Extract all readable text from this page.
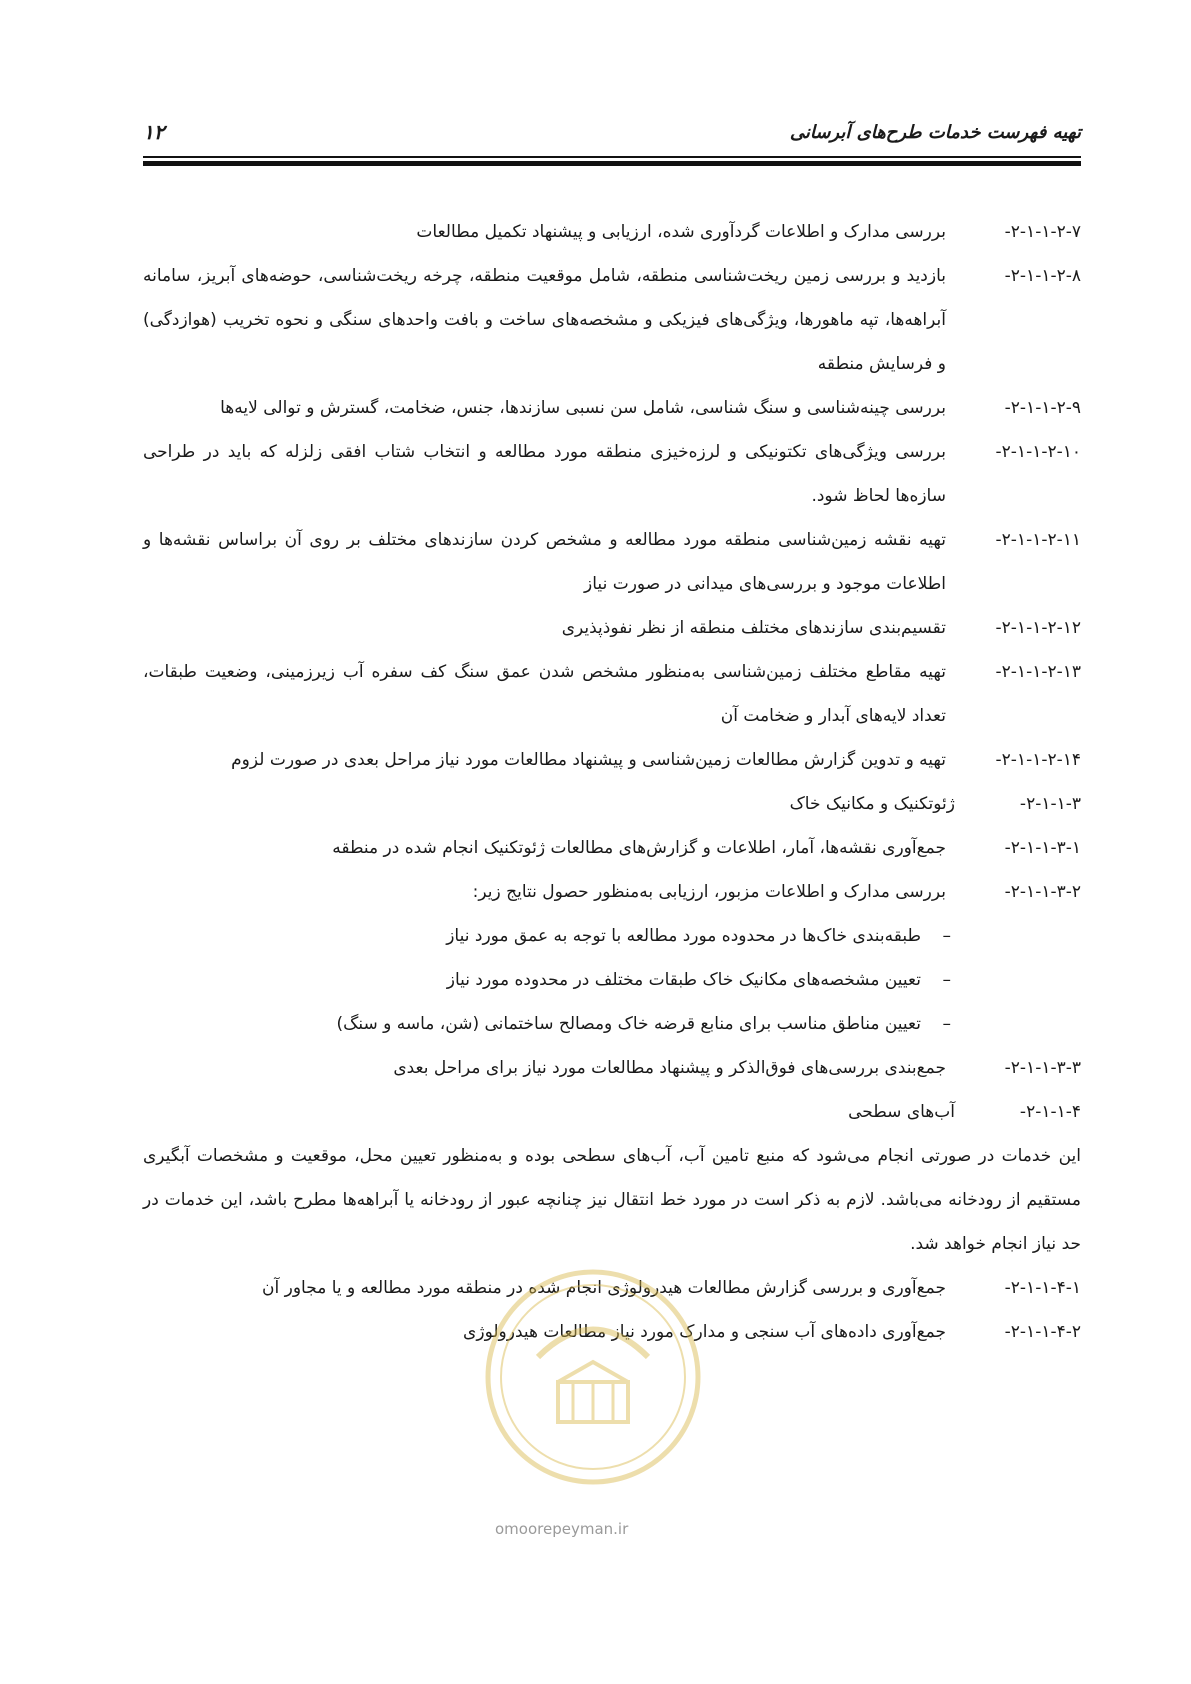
تهیه فهرست خدمات طرح‌های آبرسانی
۱۲
۲-۱-۱-۲-۷-
بررسی مدارک و اطلاعات گردآوری شده، ارزیابی و پیشنهاد تکمیل مطالعات
۲-۱-۱-۲-۸-
بازدید و بررسی زمین ریخت‌شناسی منطقه، شامل موقعیت منطقه، چرخه ریخت‌شناسی، حوضه‌های آبریز، سامانه آبراهه‌ها، تپه ماهورها، ویژگی‌های فیزیکی و مشخصه‌های ساخت و بافت واحدهای سنگی و نحوه تخریب (هوازدگی) و فرسایش منطقه
۲-۱-۱-۲-۹-
بررسی چینه‌شناسی و سنگ شناسی، شامل سن نسبی سازندها، جنس، ضخامت، گسترش و توالی لایه‌ها
۲-۱-۱-۲-۱۰-
بررسی ویژگی‌های تکتونیکی و لرزه‌خیزی منطقه مورد مطالعه و انتخاب شتاب افقی زلزله که باید در طراحی سازه‌ها لحاظ شود.
۲-۱-۱-۲-۱۱-
تهیه نقشه زمین‌شناسی منطقه مورد مطالعه و مشخص کردن سازندهای مختلف بر روی آن براساس نقشه‌ها و اطلاعات موجود و بررسی‌های میدانی در صورت نیاز
۲-۱-۱-۲-۱۲-
تقسیم‌بندی سازندهای مختلف منطقه از نظر نفوذپذیری
۲-۱-۱-۲-۱۳-
تهیه مقاطع مختلف زمین‌شناسی به‌منظور مشخص شدن عمق سنگ کف سفره آب زیرزمینی، وضعیت طبقات، تعداد لایه‌های آبدار و ضخامت آن
۲-۱-۱-۲-۱۴-
تهیه و تدوین گزارش مطالعات زمین‌شناسی و پیشنهاد مطالعات مورد نیاز مراحل بعدی در صورت لزوم
۲-۱-۱-۳-
ژئوتکنیک و مکانیک خاک
۲-۱-۱-۳-۱-
جمع‌آوری نقشه‌ها، آمار، اطلاعات و گزارش‌های مطالعات ژئوتکنیک انجام شده در منطقه
۲-۱-۱-۳-۲-
بررسی مدارک و اطلاعات مزبور، ارزیابی به‌منظور حصول نتایج زیر:
–
طبقه‌بندی خاک‌ها در محدوده مورد مطالعه با توجه به عمق مورد نیاز
–
تعیین مشخصه‌های مکانیک خاک طبقات مختلف در محدوده مورد نیاز
–
تعیین مناطق مناسب برای منابع قرضه خاک ومصالح ساختمانی (شن، ماسه و سنگ)
۲-۱-۱-۳-۳-
جمع‌بندی بررسی‌های فوق‌الذکر و پیشنهاد مطالعات مورد نیاز برای مراحل بعدی
۲-۱-۱-۴-
آب‌های سطحی

این خدمات در صورتی انجام می‌شود که منبع تامین آب، آب‌های سطحی بوده و به‌منظور تعیین محل، موقعیت و مشخصات آبگیری مستقیم از رودخانه می‌باشد. لازم به ذکر است در مورد خط انتقال نیز چنانچه عبور از رودخانه یا آبراهه‌ها مطرح باشد، این خدمات در حد نیاز انجام خواهد شد.

۲-۱-۱-۴-۱-
جمع‌آوری و بررسی گزارش مطالعات هیدرولوژی انجام شده در منطقه مورد مطالعه و یا مجاور آن
۲-۱-۱-۴-۲-
جمع‌آوری داده‌های آب سنجی و مدارک مورد نیاز مطالعات هیدرولوژی
omoorepeyman.ir
